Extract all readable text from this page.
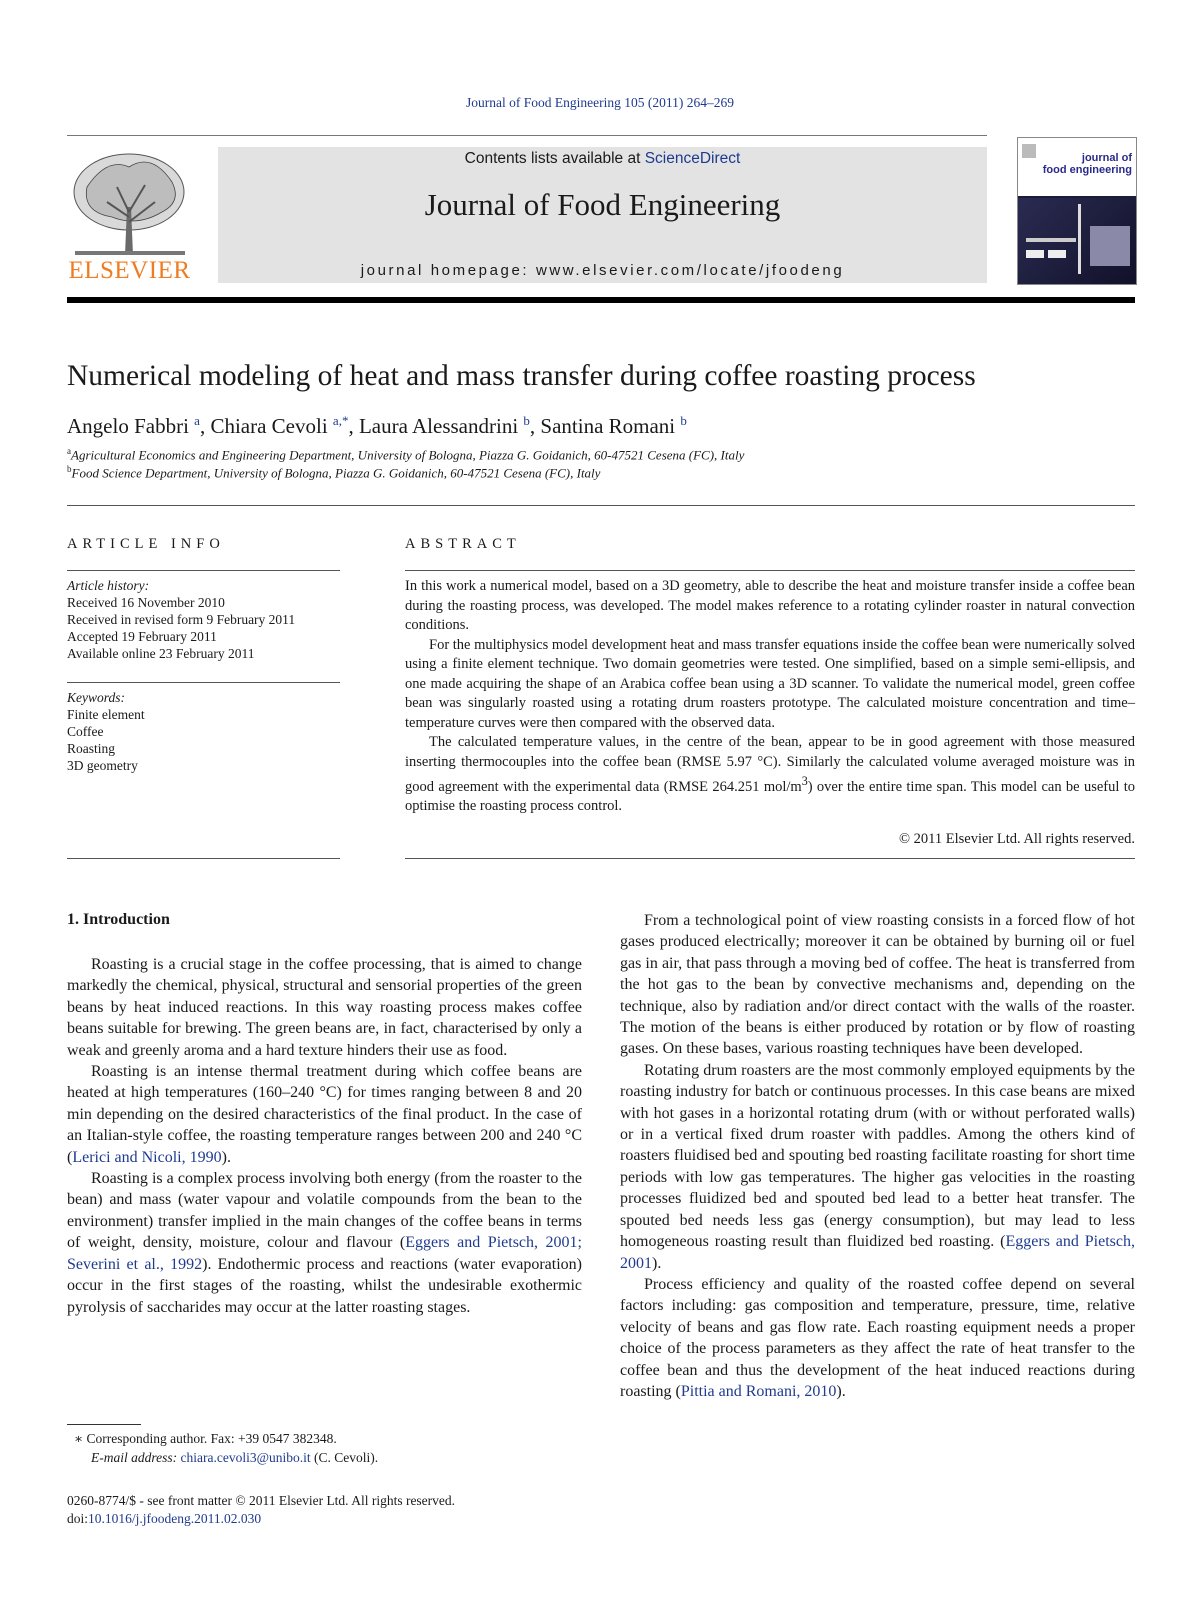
Journal of Food Engineering 105 (2011) 264–269
ELSEVIER
Contents lists available at ScienceDirect
Journal of Food Engineering
journal homepage: www.elsevier.com/locate/jfoodeng
journal of
food engineering
Numerical modeling of heat and mass transfer during coffee roasting process
Angelo Fabbri $^a$, Chiara Cevoli $^{a,*}$, Laura Alessandrini $^b$, Santina Romani $^b$
$^a$Agricultural Economics and Engineering Department, University of Bologna, Piazza G. Goidanich, 60-47521 Cesena (FC), Italy
$^b$Food Science Department, University of Bologna, Piazza G. Goidanich, 60-47521 Cesena (FC), Italy
ARTICLE INFO
Article history:
Received 16 November 2010
Received in revised form 9 February 2011
Accepted 19 February 2011
Available online 23 February 2011
Keywords:
Finite element
Coffee
Roasting
3D geometry
ABSTRACT

In this work a numerical model, based on a 3D geometry, able to describe the heat and moisture transfer inside a coffee bean during the roasting process, was developed. The model makes reference to a rotating cylinder roaster in natural convection conditions.

For the multiphysics model development heat and mass transfer equations inside the coffee bean were numerically solved using a finite element technique. Two domain geometries were tested. One simplified, based on a simple semi-ellipsis, and one made acquiring the shape of an Arabica coffee bean using a 3D scanner. To validate the numerical model, green coffee bean was singularly roasted using a rotating drum roasters prototype. The calculated moisture concentration and time–temperature curves were then compared with the observed data.

The calculated temperature values, in the centre of the bean, appear to be in good agreement with those measured inserting thermocouples into the coffee bean (RMSE 5.97 °C). Similarly the calculated volume averaged moisture was in good agreement with the experimental data (RMSE 264.251 mol/$m^3$) over the entire time span. This model can be useful to optimise the roasting process control.

© 2011 Elsevier Ltd. All rights reserved.
1. Introduction

Roasting is a crucial stage in the coffee processing, that is aimed to change markedly the chemical, physical, structural and sensorial properties of the green beans by heat induced reactions. In this way roasting process makes coffee beans suitable for brewing. The green beans are, in fact, characterised by only a weak and greenly aroma and a hard texture hinders their use as food.

Roasting is an intense thermal treatment during which coffee beans are heated at high temperatures (160–240 °C) for times ranging between 8 and 20 min depending on the desired characteristics of the final product. In the case of an Italian-style coffee, the roasting temperature ranges between 200 and 240 °C (Lerici and Nicoli, 1990).

Roasting is a complex process involving both energy (from the roaster to the bean) and mass (water vapour and volatile compounds from the bean to the environment) transfer implied in the main changes of the coffee beans in terms of weight, density, moisture, colour and flavour (Eggers and Pietsch, 2001; Severini et al., 1992). Endothermic process and reactions (water evaporation) occur in the first stages of the roasting, whilst the undesirable exothermic pyrolysis of saccharides may occur at the latter roasting stages.

From a technological point of view roasting consists in a forced flow of hot gases produced electrically; moreover it can be obtained by burning oil or fuel gas in air, that pass through a moving bed of coffee. The heat is transferred from the hot gas to the bean by convective mechanisms and, depending on the technique, also by radiation and/or direct contact with the walls of the roaster. The motion of the beans is either produced by rotation or by flow of roasting gases. On these bases, various roasting techniques have been developed.

Rotating drum roasters are the most commonly employed equipments by the roasting industry for batch or continuous processes. In this case beans are mixed with hot gases in a horizontal rotating drum (with or without perforated walls) or in a vertical fixed drum roaster with paddles. Among the others kind of roasters fluidised bed and spouting bed roasting facilitate roasting for short time periods with low gas temperatures. The higher gas velocities in the roasting processes fluidized bed and spouted bed lead to a better heat transfer. The spouted bed needs less gas (energy consumption), but may lead to less homogeneous roasting result than fluidized bed roasting. (Eggers and Pietsch, 2001).

Process efficiency and quality of the roasted coffee depend on several factors including: gas composition and temperature, pressure, time, relative velocity of beans and gas flow rate. Each roasting equipment needs a proper choice of the process parameters as they affect the rate of heat transfer to the coffee bean and thus the development of the heat induced reactions during roasting (Pittia and Romani, 2010).

∗ Corresponding author. Fax: +39 0547 382348.
E-mail address: chiara.cevoli3@unibo.it (C. Cevoli).
0260-8774/$ - see front matter © 2011 Elsevier Ltd. All rights reserved.
doi:10.1016/j.jfoodeng.2011.02.030
